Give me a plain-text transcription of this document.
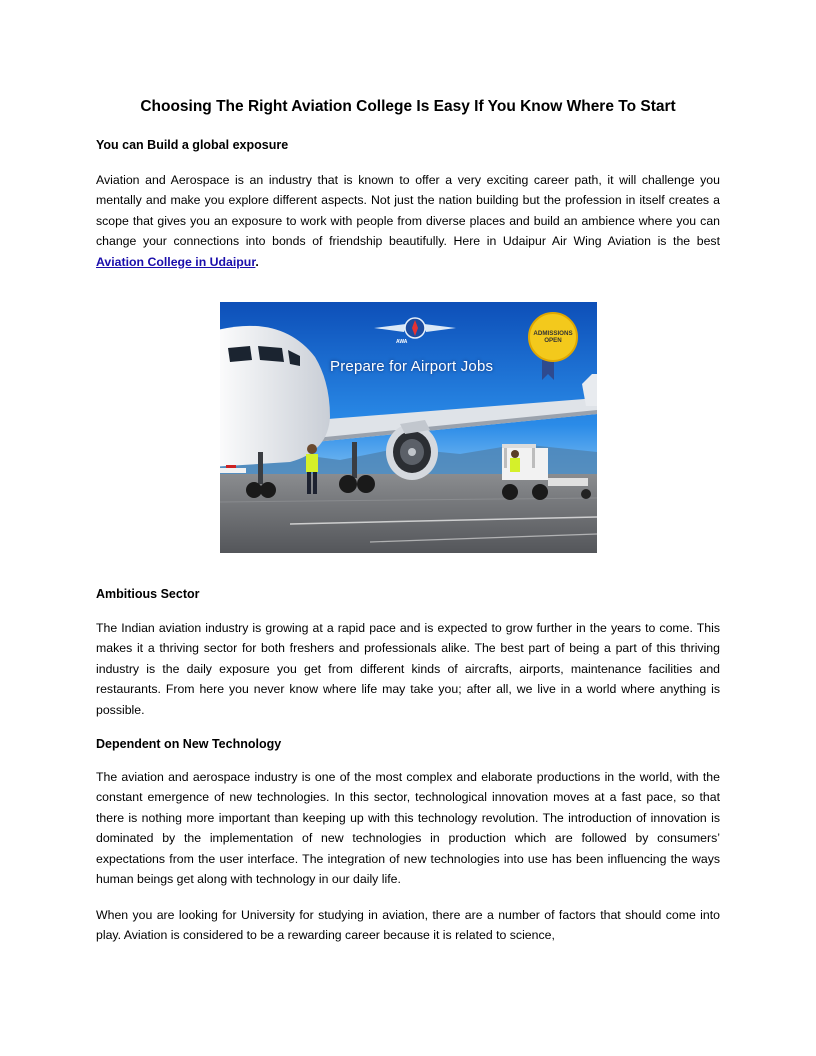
Choosing The Right Aviation College Is Easy If You Know Where To Start
You can Build a global exposure

Aviation and Aerospace is an industry that is known to offer a very exciting career path, it will challenge you mentally and make you explore different aspects. Not just the nation building but the profession in itself creates a scope that gives you an exposure to work with people from diverse places and build an ambience where you can change your connections into bonds of friendship beautifully. Here in Udaipur Air Wing Aviation is the best Aviation College in Udaipur.

AWA
Prepare for Airport Jobs
ADMISSIONS
OPEN
Ambitious Sector

The Indian aviation industry is growing at a rapid pace and is expected to grow further in the years to come. This makes it a thriving sector for both freshers and professionals alike. The best part of being a part of this thriving industry is the daily exposure you get from different kinds of aircrafts, airports, maintenance facilities and restaurants. From here you never know where life may take you; after all, we live in a world where anything is possible.

Dependent on New Technology

The aviation and aerospace industry is one of the most complex and elaborate productions in the world, with the constant emergence of new technologies. In this sector, technological innovation moves at a fast pace, so that there is nothing more important than keeping up with this technology revolution. The introduction of innovation is dominated by the implementation of new technologies in production which are followed by consumers’ expectations from the user interface. The integration of new technologies into use has been influencing the ways human beings get along with technology in our daily life.

When you are looking for University for studying in aviation, there are a number of factors that should come into play. Aviation is considered to be a rewarding career because it is related to science,
